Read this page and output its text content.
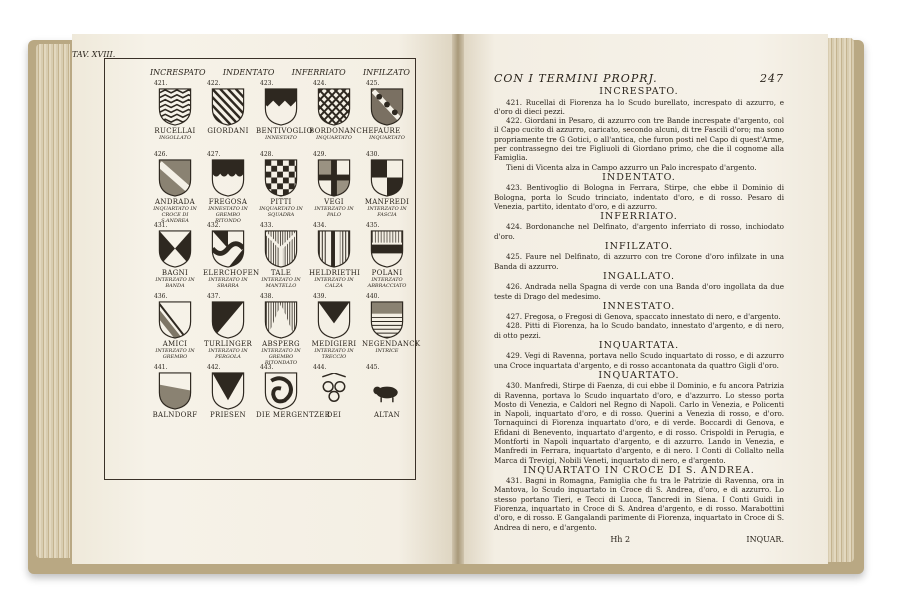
TAV. XVIII.
INCRESPATO INDENTATO INFERRIATO INFILZATO
421.
RUCELLAI
INGOLLATO
422.
GIORDANI
423.
BENTIVOGLIO
INNESTATO
424.
BORDONANCHE
INQUARTATO
425.
FAURE
INQUARTATO
426.
ANDRADA
INQUARTATO IN CROCE DI S.ANDREA
427.
FREGOSA
INNESTATO IN GREMBO RITONDO
428.
PITTI
INQUARTATO IN SQUADRA
429.
VEGI
INTERZATO IN PALO
430.
MANFREDI
INTERZATO IN FASCIA
431.
BAGNI
INTERZATO IN BANDA
432.
ELERCHOFEN
INTERZATO IN SBARRA
433.
TALE
INTERZATO IN MANTELLO
434.
HELDRIETHI
INTERZATO IN CALZA
435.
POLANI
INTERZATO ABBRACCIATO
436.
AMICI
INTERZATO IN GREMBO
437.
TURLINGER
INTERZATO IN PERGOLA
438.
ABSPERG
INTERZATO IN GREMBO RITONDATO
439.
MEDIGIERI
INTERZATO IN TRECCIO
440.
NEGENDANCK
INTRICE
441.
BALNDORF
442.
PRIESEN
443.
DIE MERGENTZER
444.
DEI
445.
ALTAN
CON I TERMINI PROPRJ.	247
INCRESPATO.

421. Rucellai di Fiorenza ha lo Scudo burellato, increspato di azzurro, e d'oro di dieci pezzi.

422. Giordani in Pesaro, di azzurro con tre Bande increspate d'argento, col il Capo cucito di azzurro, caricato, secondo alcuni, di tre Fascili d'oro; ma sono propriamente tre G Gotici, o all'antica, che furon posti nel Capo di quest'Arme, per contrassegno dei tre Figliuoli di Giordano primo, che die il cognome alla Famiglia.

Tieni di Vicenta alza in Campo azzurro un Palo increspato d'argento.

INDENTATO.

423. Bentivoglio di Bologna in Ferrara, Stirpe, che ebbe il Dominio di Bologna, porta lo Scudo trinciato, indentato d'oro, e di rosso. Pesaro di Venezia, partito, identato d'oro, e di azzurro.

INFERRIATO.

424. Bordonanche nel Delfinato, d'argento inferriato di rosso, inchiodato d'oro.

INFILZATO.

425. Faure nel Delfinato, di azzurro con tre Corone d'oro infilzate in una Banda di azzurro.

INGALLATO.

426. Andrada nella Spagna di verde con una Banda d'oro ingollata da due teste di Drago del medesimo.

INNESTATO.

427. Fregosa, o Fregosi di Genova, spaccato innestato di nero, e d'argento.

428. Pitti di Fiorenza, ha lo Scudo bandato, innestato d'argento, e di nero, di otto pezzi.

INQUARTATA.

429. Vegi di Ravenna, portava nello Scudo inquartato di rosso, e di azzurro una Croce inquartata d'argento, e di rosso accantonata da quattro Gigli d'oro.

INQUARTATO.

430. Manfredi, Stirpe di Faenza, di cui ebbe il Dominio, e fu ancora Patrizia di Ravenna, portava lo Scudo inquartato d'oro, e d'azzurro. Lo stesso porta Mosto di Venezia, e Caldori nel Regno di Napoli. Carlo in Venezia, e Policenti in Napoli, inquartato d'oro, e di rosso. Querini a Venezia di rosso, e d'oro. Tornaquinci di Fiorenza inquartato d'oro, e di verde. Boccardi di Genova, e Efidani di Benevento, inquartato d'argento, e di rosso. Crispoldi in Perugia, e Montforti in Napoli inquartato d'argento, e di azzurro. Lando in Venezia, e Manfredi in Ferrara, inquartato d'argento, e di nero. I Conti di Collalto nella Marca di Trevigi, Nobili Veneti, inquartato di nero, e d'argento.

INQUARTATO IN CROCE DI S. ANDREA.

431. Bagni in Romagna, Famiglia che fu tra le Patrizie di Ravenna, ora in Mantova, lo Scudo inquartato in Croce di S. Andrea, d'oro, e di azzurro. Lo stesso portano Tieri, e Tecci di Lucca, Tancredi in Siena. I Conti Guidi in Fiorenza, inquartato in Croce di S. Andrea d'argento, e di rosso. Marabottini d'oro, e di rosso. E Gangalandi parimente di Fiorenza, inquartato in Croce di S. Andrea di nero, e d'argento.

Hh 2	INQUAR.
